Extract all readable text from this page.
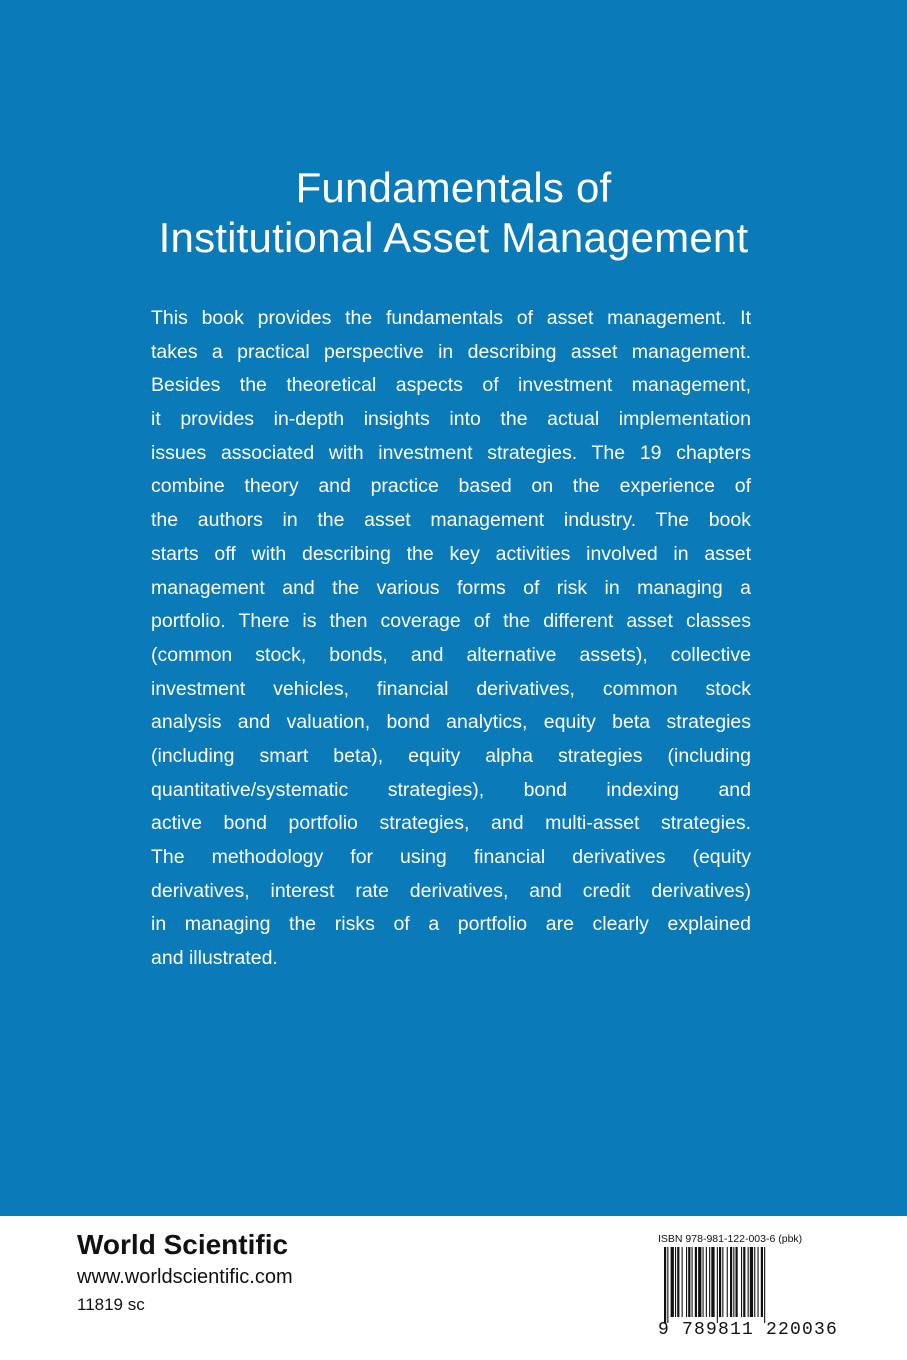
Fundamentals of
Institutional Asset Management
This book provides the fundamentals of asset management. It
takes a practical perspective in describing asset management.
Besides the theoretical aspects of investment management,
it provides in-depth insights into the actual implementation
issues associated with investment strategies. The 19 chapters
combine theory and practice based on the experience of
the authors in the asset management industry. The book
starts off with describing the key activities involved in asset
management and the various forms of risk in managing a
portfolio. There is then coverage of the different asset classes
(common stock, bonds, and alternative assets), collective
investment vehicles, financial derivatives, common stock
analysis and valuation, bond analytics, equity beta strategies
(including smart beta), equity alpha strategies (including
quantitative/systematic strategies), bond indexing and
active bond portfolio strategies, and multi-asset strategies.
The methodology for using financial derivatives (equity
derivatives, interest rate derivatives, and credit derivatives)
in managing the risks of a portfolio are clearly explained
and illustrated.
World Scientific
www.worldscientific.com
11819 sc
ISBN 978-981-122-003-6 (pbk)
9 789811 220036
